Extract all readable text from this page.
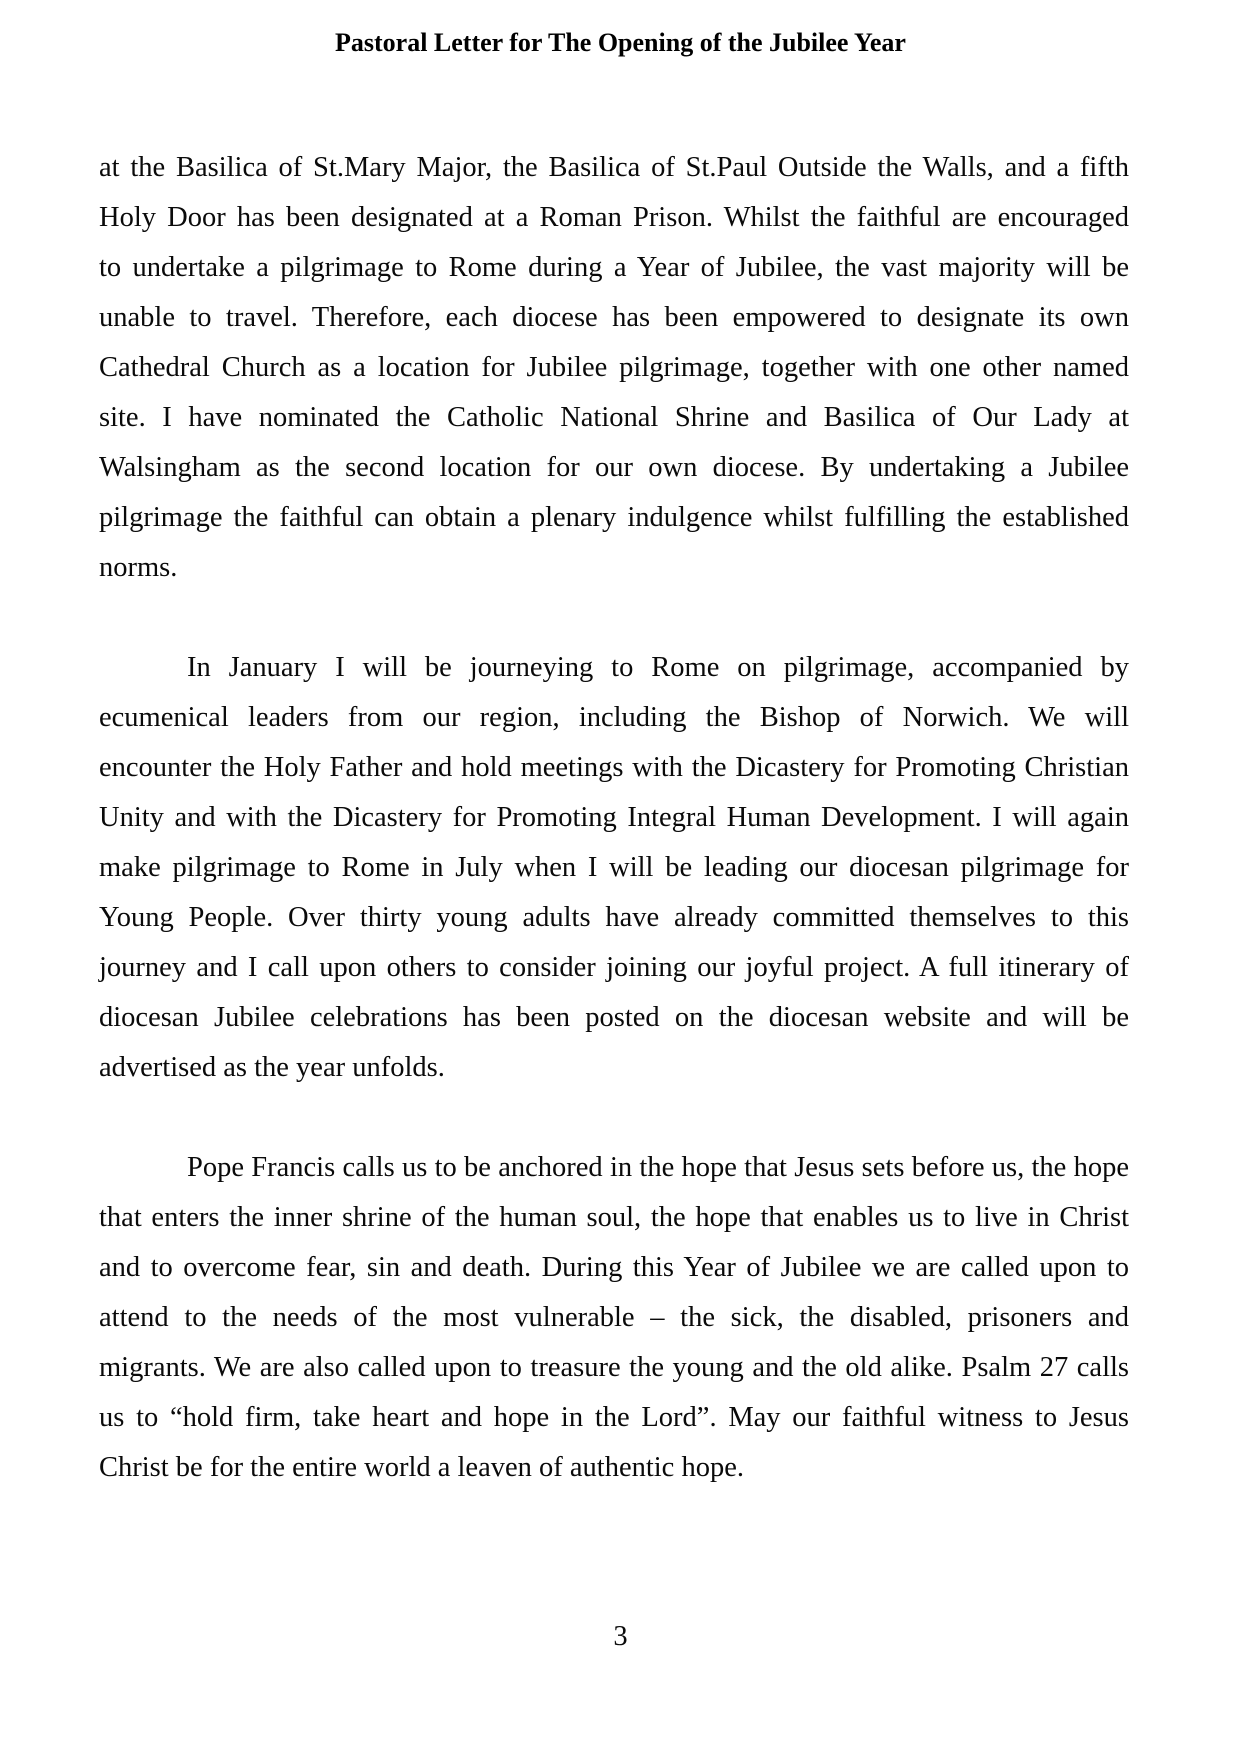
Pastoral Letter for The Opening of the Jubilee Year
at the Basilica of St.Mary Major, the Basilica of St.Paul Outside the Walls, and a fifth
Holy Door has been designated at a Roman Prison. Whilst the faithful are encouraged
to undertake a pilgrimage to Rome during a Year of Jubilee, the vast majority will be
unable to travel. Therefore, each diocese has been empowered to designate its own
Cathedral Church as a location for Jubilee pilgrimage, together with one other named
site. I have nominated the Catholic National Shrine and Basilica of Our Lady at
Walsingham as the second location for our own diocese. By undertaking a Jubilee
pilgrimage the faithful can obtain a plenary indulgence whilst fulfilling the established
norms.
In January I will be journeying to Rome on pilgrimage, accompanied by
ecumenical leaders from our region, including the Bishop of Norwich. We will
encounter the Holy Father and hold meetings with the Dicastery for Promoting Christian
Unity and with the Dicastery for Promoting Integral Human Development. I will again
make pilgrimage to Rome in July when I will be leading our diocesan pilgrimage for
Young People. Over thirty young adults have already committed themselves to this
journey and I call upon others to consider joining our joyful project. A full itinerary of
diocesan Jubilee celebrations has been posted on the diocesan website and will be
advertised as the year unfolds.
Pope Francis calls us to be anchored in the hope that Jesus sets before us, the hope
that enters the inner shrine of the human soul, the hope that enables us to live in Christ
and to overcome fear, sin and death. During this Year of Jubilee we are called upon to
attend to the needs of the most vulnerable – the sick, the disabled, prisoners and
migrants. We are also called upon to treasure the young and the old alike. Psalm 27 calls
us to “hold firm, take heart and hope in the Lord”. May our faithful witness to Jesus
Christ be for the entire world a leaven of authentic hope.
3
